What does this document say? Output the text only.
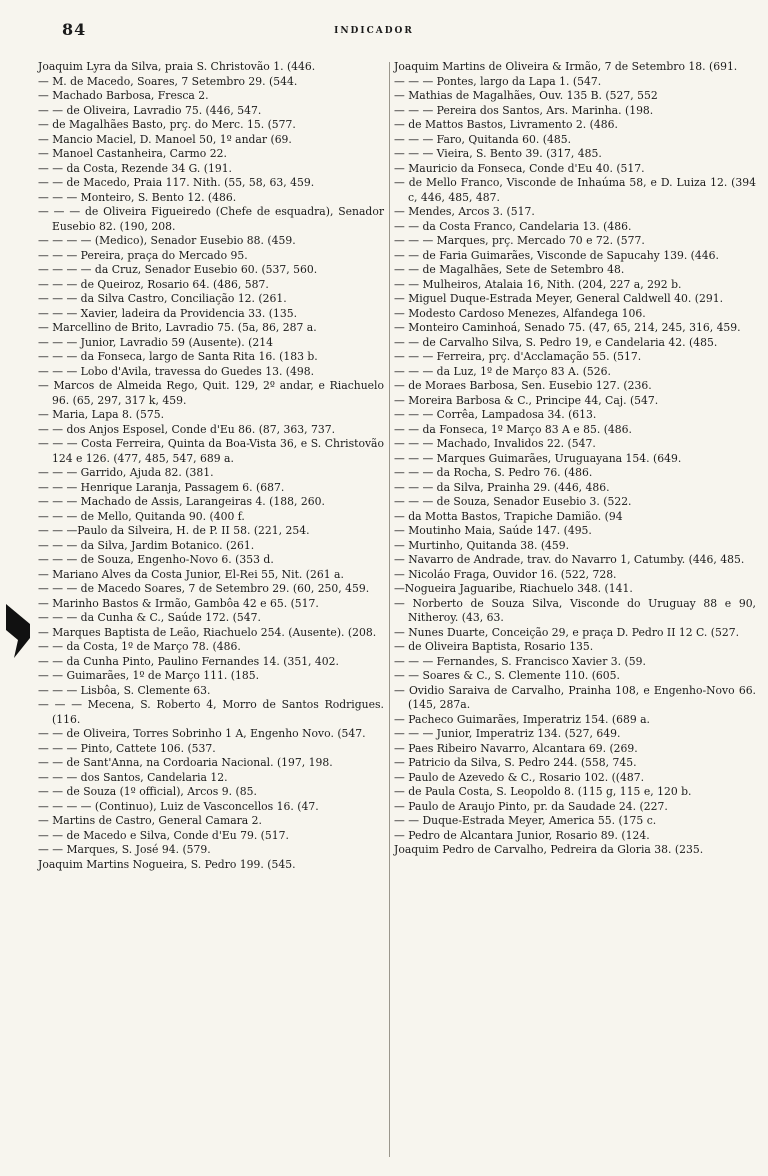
84	INDICADOR

Joaquim Lyra da Silva, praia S. Christovão 1. (446.

— M. de Macedo, Soares, 7 Setembro 29. (544.

— Machado Barbosa, Fresca 2.

— — de Oliveira, Lavradio 75. (446, 547.

— de Magalhães Basto, prç. do Merc. 15. (577.

— Mancio Maciel, D. Manoel 50, 1º andar (69.

— Manoel Castanheira, Carmo 22.

— — da Costa, Rezende 34 G. (191.

— — de Macedo, Praia 117. Nith. (55, 58, 63, 459.

— — — Monteiro, S. Bento 12. (486.

— — — de Oliveira Figueiredo (Chefe de esquadra), Senador Eusebio 82. (190, 208.

— — — — (Medico), Senador Eusebio 88. (459.

— — — Pereira, praça do Mercado 95.

— — — — da Cruz, Senador Eusebio 60. (537, 560.

— — — de Queiroz, Rosario 64. (486, 587.

— — — da Silva Castro, Conciliação 12. (261.

— — — Xavier, ladeira da Providencia 33. (135.

— Marcellino de Brito, Lavradio 75. (5a, 86, 287 a.

— — — Junior, Lavradio 59 (Ausente). (214

— — — da Fonseca, largo de Santa Rita 16. (183 b.

— — — Lobo d'Avila, travessa do Guedes 13. (498.

— Marcos de Almeida Rego, Quit. 129, 2º andar, e Riachuelo 96. (65, 297, 317 k, 459.

— Maria, Lapa 8. (575.

— — dos Anjos Esposel, Conde d'Eu 86. (87, 363, 737.

— — — Costa Ferreira, Quinta da Boa-Vista 36, e S. Christovão 124 e 126. (477, 485, 547, 689 a.

— — — Garrido, Ajuda 82. (381.

— — — Henrique Laranja, Passagem 6. (687.

— — — Machado de Assis, Larangeiras 4. (188, 260.

— — — de Mello, Quitanda 90. (400 f.

— — —Paulo da Silveira, H. de P. II 58. (221, 254.

— — — da Silva, Jardim Botanico. (261.

— — — de Souza, Engenho-Novo 6. (353 d.

— Mariano Alves da Costa Junior, El-Rei 55, Nit. (261 a.

— — — de Macedo Soares, 7 de Setembro 29. (60, 250, 459.

— Marinho Bastos & Irmão, Gambôa 42 e 65. (517.

— — — da Cunha & C., Saúde 172. (547.

— Marques Baptista de Leão, Riachuelo 254. (Ausente). (208.

— — da Costa, 1º de Março 78. (486.

— — da Cunha Pinto, Paulino Fernandes 14. (351, 402.

— — Guimarães, 1º de Março 111. (185.

— — — Lisbôa, S. Clemente 63.

— — — Mecena, S. Roberto 4, Morro de Santos Rodrigues. (116.

— — de Oliveira, Torres Sobrinho 1 A, Engenho Novo. (547.

— — — Pinto, Cattete 106. (537.

— — de Sant'Anna, na Cordoaria Nacional. (197, 198.

— — — dos Santos, Candelaria 12.

— — de Souza (1º official), Arcos 9. (85.

— — — — (Continuo), Luiz de Vasconcellos 16. (47.

— Martins de Castro, General Camara 2.

— — de Macedo e Silva, Conde d'Eu 79. (517.

— — Marques, S. José 94. (579.

Joaquim Martins Nogueira, S. Pedro 199. (545.

Joaquim Martins de Oliveira & Irmão, 7 de Setembro 18. (691.

— — — Pontes, largo da Lapa 1. (547.

— Mathias de Magalhães, Ouv. 135 B. (527, 552

— — — Pereira dos Santos, Ars. Marinha. (198.

— de Mattos Bastos, Livramento 2. (486.

— — — Faro, Quitanda 60. (485.

— — — Vieira, S. Bento 39. (317, 485.

— Mauricio da Fonseca, Conde d'Eu 40. (517.

— de Mello Franco, Visconde de Inhaúma 58, e D. Luiza 12. (394 c, 446, 485, 487.

— Mendes, Arcos 3. (517.

— — da Costa Franco, Candelaria 13. (486.

— — — Marques, prç. Mercado 70 e 72. (577.

— — de Faria Guimarães, Visconde de Sapucahy 139. (446.

— — de Magalhães, Sete de Setembro 48.

— — Mulheiros, Atalaia 16, Nith. (204, 227 a, 292 b.

— Miguel Duque-Estrada Meyer, General Caldwell 40. (291.

— Modesto Cardoso Menezes, Alfandega 106.

— Monteiro Caminhoá, Senado 75. (47, 65, 214, 245, 316, 459.

— — de Carvalho Silva, S. Pedro 19, e Candelaria 42. (485.

— — — Ferreira, prç. d'Acclamação 55. (517.

— — — da Luz, 1º de Março 83 A. (526.

— de Moraes Barbosa, Sen. Eusebio 127. (236.

— Moreira Barbosa & C., Principe 44, Caj. (547.

— — — Corrêa, Lampadosa 34. (613.

— — da Fonseca, 1º Março 83 A e 85. (486.

— — — Machado, Invalidos 22. (547.

— — — Marques Guimarães, Uruguayana 154. (649.

— — — da Rocha, S. Pedro 76. (486.

— — — da Silva, Prainha 29. (446, 486.

— — — de Souza, Senador Eusebio 3. (522.

— da Motta Bastos, Trapiche Damião. (94

— Moutinho Maia, Saúde 147. (495.

— Murtinho, Quitanda 38. (459.

— Navarro de Andrade, trav. do Navarro 1, Catumby. (446, 485.

— Nicoláo Fraga, Ouvidor 16. (522, 728.

—Nogueira Jaguaribe, Riachuelo 348. (141.

— Norberto de Souza Silva, Visconde do Uruguay 88 e 90, Nitheroy. (43, 63.

— Nunes Duarte, Conceição 29, e praça D. Pedro II 12 C. (527.

— de Oliveira Baptista, Rosario 135.

— — — Fernandes, S. Francisco Xavier 3. (59.

— — Soares & C., S. Clemente 110. (605.

— Ovidio Saraiva de Carvalho, Prainha 108, e Engenho-Novo 66. (145, 287a.

— Pacheco Guimarães, Imperatriz 154. (689 a.

— — — Junior, Imperatriz 134. (527, 649.

— Paes Ribeiro Navarro, Alcantara 69. (269.

— Patricio da Silva, S. Pedro 244. (558, 745.

— Paulo de Azevedo & C., Rosario 102. ((487.

— de Paula Costa, S. Leopoldo 8. (115 g, 115 e, 120 b.

— Paulo de Araujo Pinto, pr. da Saudade 24. (227.

— — Duque-Estrada Meyer, America 55. (175 c.

— Pedro de Alcantara Junior, Rosario 89. (124.

Joaquim Pedro de Carvalho, Pedreira da Gloria 38. (235.
